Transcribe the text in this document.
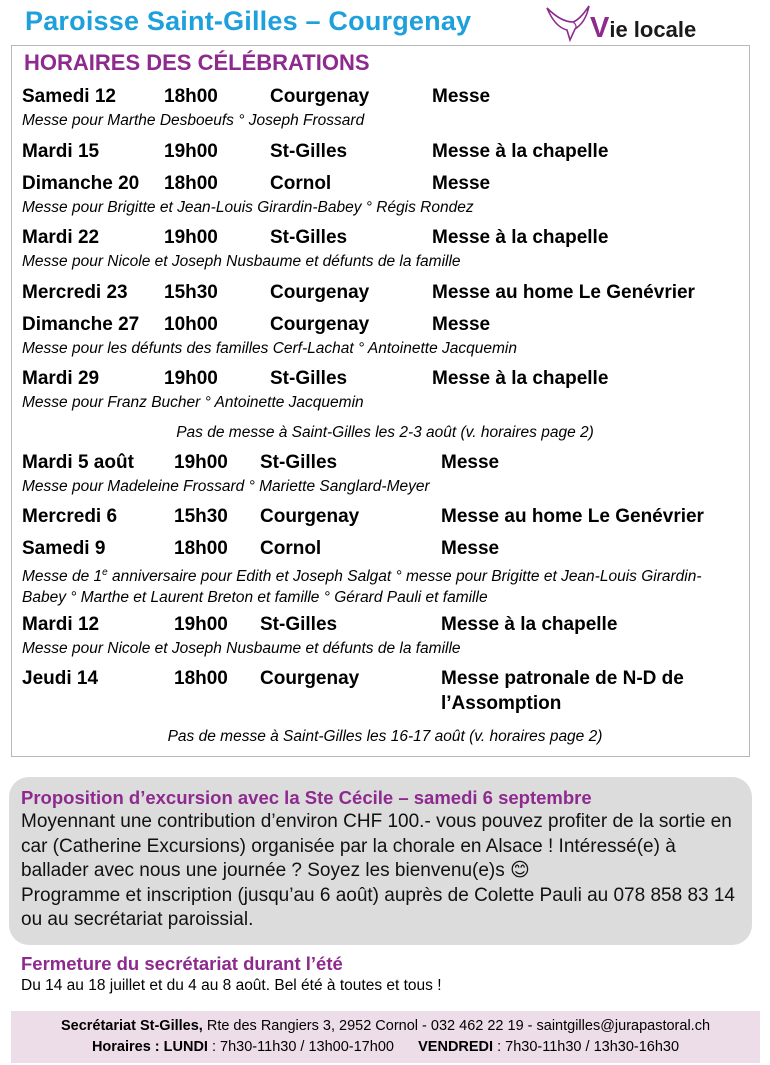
Paroisse Saint-Gilles – Courgenay	Vie locale
HORAIRES DES CÉLÉBRATIONS
Samedi 12	18h00	Courgenay	Messe
Messe pour Marthe Desboeufs ° Joseph Frossard
Mardi 15	19h00	St-Gilles	Messe à la chapelle
Dimanche 20 18h00	Cornol	Messe
Messe pour Brigitte et Jean-Louis Girardin-Babey ° Régis Rondez
Mardi 22	19h00	St-Gilles	Messe à la chapelle
Messe pour Nicole et Joseph Nusbaume et défunts de la famille
Mercredi 23 15h30	Courgenay	Messe au home Le Genévrier
Dimanche 27 10h00	Courgenay	Messe
Messe pour les défunts des familles Cerf-Lachat ° Antoinette Jacquemin
Mardi 29	19h00	St-Gilles	Messe à la chapelle
Messe pour Franz Bucher ° Antoinette Jacquemin
Pas de messe à Saint-Gilles les 2-3 août (v. horaires page 2)
Mardi 5 août 19h00 St-Gilles	Messe
Messe pour Madeleine Frossard ° Mariette Sanglard-Meyer
Mercredi 6	15h30 Courgenay	Messe au home Le Genévrier
Samedi 9	18h00 Cornol	Messe
Messe de 1e anniversaire pour Edith et Joseph Salgat ° messe pour Brigitte et Jean-Louis Girardin-Babey ° Marthe et Laurent Breton et famille ° Gérard Pauli et famille
Mardi 12	19h00 St-Gilles	Messe à la chapelle
Messe pour Nicole et Joseph Nusbaume et défunts de la famille
Jeudi 14	18h00 Courgenay	Messe patronale de N-D de l’Assomption
Pas de messe à Saint-Gilles les 16-17 août (v. horaires page 2)
Proposition d’excursion avec la Ste Cécile – samedi 6 septembre
Moyennant une contribution d’environ CHF 100.- vous pouvez profiter de la sortie en car (Catherine Excursions) organisée par la chorale en Alsace ! Intéressé(e) à ballader avec nous une journée ? Soyez les bienvenu(e)s 😊
Programme et inscription (jusqu’au 6 août) auprès de Colette Pauli au 078 858 83 14 ou au secrétariat paroissial.
Fermeture du secrétariat durant l’été
Du 14 au 18 juillet et du 4 au 8 août. Bel été à toutes et tous !
Secrétariat St-Gilles, Rte des Rangiers 3, 2952 Cornol - 032 462 22 19 - saintgilles@jurapastoral.ch
Horaires : LUNDI : 7h30-11h30 / 13h00-17h00 VENDREDI : 7h30-11h30 / 13h30-16h30
